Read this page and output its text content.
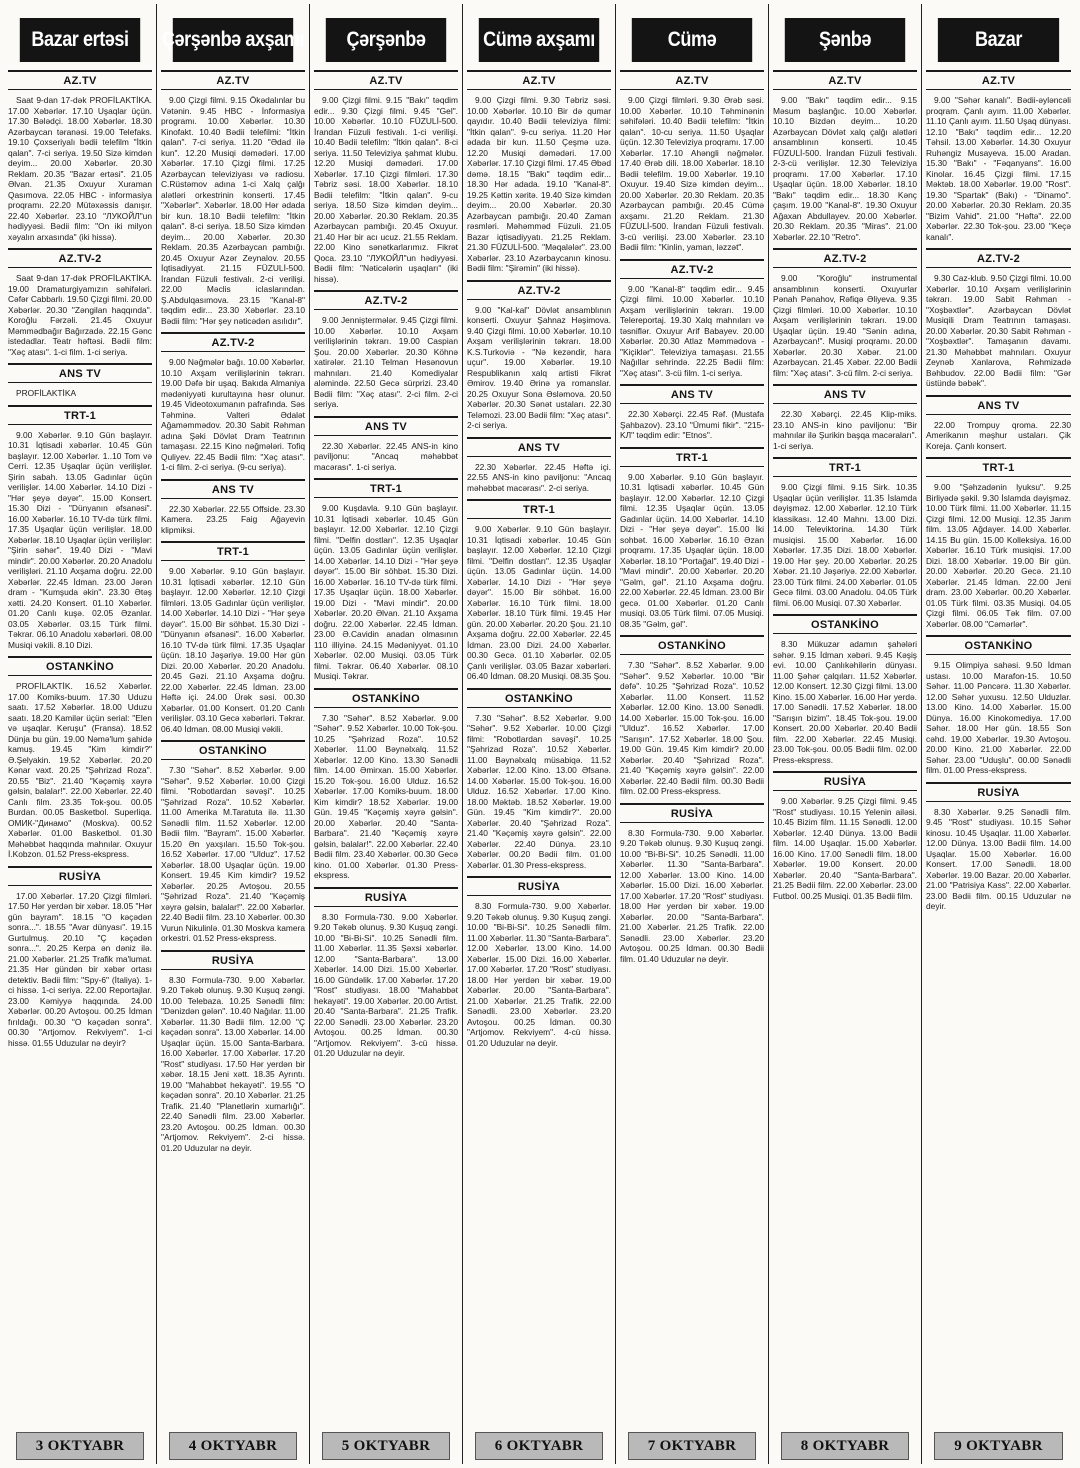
Bazar ertəsi
AZ.TV

Saat 9-dan 17-dək PROFİLAKTİKA. 17.00 Xəbərlər. 17.10 Uşaqlar üçün. 17.30 Bələdçi. 18.00 Xəbərlər. 18.30 Azərbaycan təranəsi. 19.00 Telefaks. 19.10 Çoxseriyalı bədii telefilm "İtkin qalan". 7-ci seriya. 19.50 Sizə kimdən deyim... 20.00 Xəbərlər. 20.30 Reklam. 20.35 "Bazar ertəsi". 21.05 Əlvan. 21.35 Oxuyur Xuraman Qasımova. 22.05 HBC - informasiya proqramı. 22.20 Mütəxəssis danışır. 22.40 Xəbərlər. 23.10 "ЛУКОЙЛ"un hədiyyəsi. Bədii film: "On iki milyon xəyalın arxasında" (iki hissə).

AZ.TV-2

Saat 9-dan 17-dək PROFİLAKTİKA. 19.00 Dramaturgiyamızın səhifələri. Cəfər Cabbarlı. 19.50 Çizgi filmi. 20.00 Xəbərlər. 20.30 "Zəngilan haqqında". Koroğlu Fərzəli. 21.45 Oxuyur Məmmədbağır Bağırzadə. 22.15 Gənc istedadlar. Teatr həftəsi. Bədii film: "Xəç atası". 1-ci film. 1-ci seriya.

ANS TV

PROFİLAKTİKA

TRT-1

9.00 Xəbərlər. 9.10 Gün başlayır. 10.31 İqtisadi xəbərlər. 10.45 Gün başlayır. 12.00 Xəbərlər. 1..10 Tom və Cerri. 12.35 Uşaqlar üçün verilişlər. Şirin sabah. 13.05 Gadınlar üçün verilişlər. 14.00 Xəbərlər. 14.10 Dizi - "Hər şeyə dəyər". 15.00 Konsert. 15.30 Dizi - "Dünyanın əfsanəsi". 16.00 Xəbərlər. 16.10 TV-də türk filmi. 17.35 Uşaqlar üçün verilişlər. 18.00 Xəbərlər. 18.10 Uşaqlar üçün verilişlər: "Şirin səhər". 19.40 Dizi - "Mavi mindir". 20.00 Xəbərlər. 20.20 Anadolu verilişləri. 21.10 Axşama doğru. 22.00 Xəbərlər. 22.45 İdman. 23.00 Jərən dram - "Kumşuda əkin". 23.30 Ətəş xətti. 24.20 Konsert. 01.10 Xəbərlər. 01.20 Canlı kuşə. 02.05 Əzanlar. 03.05 Xəbərlər. 03.15 Türk filmi. Təkrar. 06.10 Anadolu xəbərləri. 08.00 Musiqi vəkili. 8.10 Dizi.

OSTANKİNO

PROFİLAKTİK. 16.52 Xəbərlər. 17.00 Komiks-buum. 17.30 Uduzu saatı. 17.52 Xəbərlər. 18.00 Uduzu saatı. 18.20 Kamilər üçün serial: "Elen və uşaqlar. Keruşu" (Fransa). 18.52 Dünja bu gün. 19.00 Nəmə'lum şahidə kamuş. 19.45 "Kim kimdir?" Ə.Şelyakin. 19.52 Xəbərlər. 20.20 Kənar vaxt. 20.25 "Şəhrizad Roza". 20.55 "Biz". 21.40 "Kəçəmiş xəyrə gəlsin, balalar!". 22.00 Xəbərlər. 22.40 Canlı film. 23.35 Tok-şou. 00.05 Burdan. 00.05 Basketbol. Superliqa. ОМИК-"Динамо" (Moskva). 00.52 Xəbərlər. 01.00 Basketbol. 01.30 Məhəbbət haqqında mahnılar. Oxuyur İ.Kobzon. 01.52 Press-ekspress.

RUSİYA

17.00 Xəbərlər. 17.20 Çizgi filmləri. 17.50 Hər yerdən bir xəbər. 18.05 "Hər gün bayram". 18.15 "O kəçədən sonra...". 18.55 "Avar dünyası". 19.15 Gurtulmuş. 20.10 "Ç kəçədən sonra...". 20.25 Kerpa ən dəniz ilə. 21.00 Xəbərlər. 21.25 Trafik ma'lumat. 21.35 Hər gündən bir xəbər ortası detektiv. Bədii film: "Spy-6" (İtaliya). 1-ci hissə. 1-ci seriya. 22.00 Reportajlar. 23.00 Kəmiyyə haqqında. 24.00 Xəbərlər. 00.20 Avtoşou. 00.25 İdman fırıldağı. 00.30 "O kəçədən sonra". 00.30 "Artjomov. Rekviyem". 1-ci hissə. 01.55 Uduzular nə deyir?

3 OKTYABR
Çərşənbə axşamı
AZ.TV

9.00 Çizgi filmi. 9.15 Ökədalınlar bu Vətənin. 9.45 HBC - İnformasiya programı. 10.00 Xəbərlər. 10.30 Kinofakt. 10.40 Bədii telefilmi: "İtkin qalan". 7-ci seriya. 11.20 "Ədad ilə kun". 12.20 Musiqi dəmədəri. 17.00 Xəbərlər. 17.10 Çizgi filmi. 17.25 Azərbaycan televiziyası və radiosu. C.Rüstəmov adına 1-ci Xalq çalğı alətləri orkestrinin konserti. 17.45 "Xəbərlər". Xəbərlər. 18.00 Hər ədada bir kun. 18.10 Bədii telefilm: "İtkin qalan". 8-ci seriya. 18.50 Sizə kimdən deyim... 20.00 Xəbərlər. 20.30 Reklam. 20.35 Azərbaycan pambığı. 20.45 Oxuyur Azər Zeynalov. 20.55 İqtisadiyyat. 21.15 FÜZULİ-500. İrandan Füzuli festivalı. 2-ci verilişi. 22.00 Məclis iclaslarından. Ş.Abdulqasımova. 23.15 "Kanal-8" təqdim edir... 23.30 Xəbərlər. 23.10 Bədii film: "Hər şey nəticədən asılıdır".

AZ.TV-2

9.00 Nəğmələr bağı. 10.00 Xəbərlər. 10.10 Axşam verilişlərinin təkrarı. 19.00 Dəfə bir uşaq. Bakıda Almaniya mədəniyyəti kurultayına həsr olunur. 19.45 Videotoxumanın pafrafında. Səs Təhminə. Valteri Ədalət Ağaməmmədov. 20.30 Sabit Rəhman adına Şəki Dövlət Dram Teatrının tamaşası. 22.15 Kino nəğmələri. Tofiq Quliyev. 22.45 Bədii film: "Xəç atası". 1-ci film. 2-ci seriya. (9-cu seriya).

ANS TV

22.30 Xəbərlər. 22.55 Offside. 23.30 Kamera. 23.25 Faig Ağayevin klipmiksi.

TRT-1

9.00 Xəbərlər. 9.10 Gün başlayır. 10.31 İqtisadi xəbərlər. 12.10 Gün başlayır. 12.00 Xəbərlər. 12.10 Çizgi filmləri. 13.05 Gadınlar üçün verilişlər. 14.00 Xəbərlər. 14.10 Dizi - "Hər şeyə dəyər". 15.00 Bir söhbət. 15.30 Dizi - "Dünyanın əfsanəsi". 16.00 Xəbərlər. 16.10 TV-də türk filmi. 17.35 Uşaqlar üçün. 18.10 Jəşəriyə. 19.00 Hər gün Dizi. 20.00 Xəbərlər. 20.20 Anadolu. 20.45 Gəzi. 21.10 Axşama doğru. 22.00 Xəbərlər. 22.45 İdman. 23.00 Həftə içi. 24.00 Ürək səsi. 00.30 Xəbərlər. 01.00 Konsert. 01.20 Canlı verilişlər. 03.10 Gecə xəbərləri. Təkrar. 06.40 İdman. 08.00 Musiqi vəkili.

OSTANKİNO

7.30 "Səhər". 8.52 Xəbərlər. 9.00 "Səhər". 9.52 Xəbərlər. 10.00 Çizgi filmi. "Robotlardan səvəşi". 10.25 "Şəhrizad Roza". 10.52 Xəbərlər. 11.00 Amerika M.Taratuta ilə. 11.30 Sənədli film. 11.52 Xəbərlər. 12.00 Bədii film. "Bayram". 15.00 Xəbərlər. 15.20 Ən yaxşıları. 15.50 Tok-şou. 16.52 Xəbərlər. 17.00 "Ulduz". 17.52 Xəbərlər. 18.00 Uşaqlar üçün. 19.00 Konsert. 19.45 Kim kimdir? 19.52 Xəbərlər. 20.25 Avtoşou. 20.55 "Şəhrizad Roza". 21.40 "Kəçəmiş xəyrə gəlsin, balalar!". 22.00 Xəbərlər. 22.40 Bədii film. 23.10 Xəbərlər. 00.30 Vurun Nikulinlə. 01.30 Moskva kamera orkestri. 01.52 Press-ekspress.

RUSİYA

8.30 Formula-730. 9.00 Xəbərlər. 9.20 Təkəb olunuş. 9.30 Kuşuq zəngi. 10.00 Telebaza. 10.25 Sənədli film: "Dənizdən gələn". 10.40 Nağılar. 11.00 Xəbərlər. 11.30 Bədii film. 12.00 "Ç kəçədən sonra". 13.00 Xəbərlər. 14.00 Uşaqlar üçün. 15.00 Santa-Barbara. 16.00 Xəbərlər. 17.00 Xəbərlər. 17.20 "Rost" studiyası. 17.50 Hər yerdən bir xəbər. 18.15 Jeni xətt. 18.35 Ayrıntı. 19.00 "Mahabbət hekayəti". 19.55 "O kəçədən sonra". 20.10 Xəbərlər. 21.25 Trafik. 21.40 "Planetlərin xumarlığı". 22.40 Sənədli film. 23.00 Xəbərlər. 23.20 Avtoşou. 00.25 İdman. 00.30 "Artjomov. Rekviyem". 2-ci hissə. 01.20 Uduzular nə deyir.

4 OKTYABR
Çərşənbə
AZ.TV

9.00 Çizgi filmi. 9.15 "Bakı" təqdim edir... 9.30 Çizgi filmi. 9.45 "Gel". 10.00 Xəbərlər. 10.10 FÜZULİ-500. İrandan Füzuli festivalı. 1-ci verilişi. 10.40 Bədii telefilm: "İtkin qalan". 8-ci seriya. 11.50 Televiziya şahmat klubu. 12.20 Musiqi dəmədəri. 17.00 Xəbərlər. 17.10 Çizgi filmləri. 17.30 Təbriz səsi. 18.00 Xəbərlər. 18.10 Bədii telefilm: "İtkin qalan". 9-cu seriya. 18.50 Sizə kimdən deyim... 20.00 Xəbərlər. 20.30 Reklam. 20.35 Azərbaycan pambığı. 20.45 Oxuyur. 21.40 Hər bir acı ucuz. 21.55 Reklam. 22.00 Kino sənətkarlarımız. Fikrət Qoca. 23.10 "ЛУКОЙЛ"un hədiyyəsi. Bədii film: "Nəticələrin uşaqları" (iki hissə).

AZ.TV-2

9.00 Jenniştermələr. 9.45 Çizgi filmi. 10.00 Xəbərlər. 10.10 Axşam verilişlərinin təkrarı. 19.00 Caspian Şou. 20.00 Xəbərlər. 20.30 Köhnə xatirələr. 21.10 Telman Həsənovun mahnıları. 21.40 Komediyalar aləmində. 22.50 Gecə sürprizi. 23.40 Bədii film: "Xəç atası". 2-ci film. 2-ci seriya.

ANS TV

22.30 Xəbərlər. 22.45 ANS-in kino paviljonu: "Ancaq məhəbbət macərası". 1-ci seriya.

TRT-1

9.00 Kuşdavla. 9.10 Gün başlayır. 10.31 İqtisadi xəbərlər. 10.45 Gün başlayır. 12.00 Xəbərlər. 12.10 Çizgi filmi. "Delfin dostları". 12.35 Uşaqlar üçün. 13.05 Gadınlar üçün verilişlər. 14.00 Xəbərlər. 14.10 Dizi - "Hər şeyə dəyər". 15.00 Bir söhbət. 15.30 Dizi. 16.00 Xəbərlər. 16.10 TV-də türk filmi. 17.35 Uşaqlar üçün. 18.00 Xəbərlər. 19.00 Dizi - "Mavi mindir". 20.00 Xəbərlər. 20.20 Əlvan. 21.10 Axşama doğru. 22.00 Xəbərlər. 22.45 İdman. 23.00 Ə.Cavidin anadan olmasının 110 illiyinə. 24.15 Mədəniyyət. 01.10 Xəbərlər. 02.00 Musiqi. 03.05 Türk filmi. Təkrar. 06.40 Xəbərlər. 08.10 Musiqi. Təkrar.

OSTANKİNO

7.30 "Səhər". 8.52 Xəbərlər. 9.00 "Səhər". 9.52 Xəbərlər. 10.00 Tok-şou. 10.25 "Şəhrizad Roza". 10.52 Xəbərlər. 11.00 Bəynəlxalq. 11.52 Xəbərlər. 12.00 Kino. 13.30 Sənədli film. 14.00 Əmirxan. 15.00 Xəbərlər. 15.20 Tok-şou. 16.00 Ulduz. 16.52 Xəbərlər. 17.00 Komiks-buum. 18.00 Kim kimdir? 18.52 Xəbərlər. 19.00 Gün. 19.45 "Kəçəmiş xəyrə gəlsin". 20.00 Xəbərlər. 20.40 "Santa-Barbara". 21.40 "Kəçəmiş xəyrə gəlsin, balalar!". 22.00 Xəbərlər. 22.40 Bədii film. 23.40 Xəbərlər. 00.30 Gecə kino. 01.00 Xəbərlər. 01.30 Press-ekspress.

RUSİYA

8.30 Formula-730. 9.00 Xəbərlər. 9.20 Təkəb olunuş. 9.30 Kuşuq zəngi. 10.00 "Bi-Bi-Si". 10.25 Sənədli film. 11.00 Xəbərlər. 11.35 Şəxsi xəbərlər. 12.00 "Santa-Barbara". 13.00 Xəbərlər. 14.00 Dizi. 15.00 Xəbərlər. 16.00 Gündəlik. 17.00 Xəbərlər. 17.20 "Rost" studiyası. 18.00 "Mahabbət hekayəti". 19.00 Xəbərlər. 20.00 Artist. 20.40 "Santa-Barbara". 21.25 Trafik. 22.00 Sənədli. 23.00 Xəbərlər. 23.20 Avtoşou. 00.25 İdman. 00.30 "Artjomov. Rekviyem". 3-cü hissə. 01.20 Uduzular nə deyir.

5 OKTYABR
Cümə axşamı
AZ.TV

9.00 Çizgi filmi. 9.30 Təbriz səsi. 10.00 Xəbərlər. 10.10 Bir də qumar qayıdır. 10.40 Bədii televiziya filmi: "İtkin qalan". 9-cu seriya. 11.20 Hər ədada bir kun. 11.50 Çeşmə uzə. 12.20 Musiqi dəmədəri. 17.00 Xəbərlər. 17.10 Çizgi filmi. 17.45 Əbəd dəmə. 18.15 "Bakı" təqdim edir... 18.30 Hər adada. 19.10 "Kanal-8". 19.25 Kəttin xəritə. 19.40 Sizə kimdən deyim... 20.00 Xəbərlər. 20.30 Azərbaycan pambığı. 20.40 Zaman rəsmləri. Məhəmməd Füzuli. 21.05 Bazar iqtisadiyyatı. 21.25 Reklam. 21.30 FÜZULİ-500. "Məqalələr". 23.00 Xəbərlər. 23.10 Azərbaycanın kinosu. Bədii film: "Şirəmin" (iki hissə).

AZ.TV-2

9.00 "Kal-kal" Dövlət ansamblının konserti. Oxuyur Şahnaz Həşimova. 9.40 Çizgi filmi. 10.00 Xəbərlər. 10.10 Axşam verilişlərinin təkrarı. 18.00 K.S.Turkoviə - "Nə kezəndir, hara uçur". 19.00 Xəbərlər. 19.10 Respublikanın xalq artisti Fikrət Əmirov. 19.40 Ərinə ya romanslar. 20.25 Oxuyur Sona Əsləmova. 20.50 Xəbərlər. 20.30 Sənət ustaları. 22.30 Teləmozi. 23.00 Bədii film: "Xəç atası". 2-ci seriya.

ANS TV

22.30 Xəbərlər. 22.45 Həftə içi. 22.55 ANS-in kino paviljonu: "Ancaq məhəbbət macərası". 2-ci seriya.

TRT-1

9.00 Xəbərlər. 9.10 Gün başlayır. 10.31 İqtisadi xəbərlər. 10.45 Gün başlayır. 12.00 Xəbərlər. 12.10 Çizgi filmi. "Delfin dostları". 12.35 Uşaqlar üçün. 13.05 Gadınlar üçün. 14.00 Xəbərlər. 14.10 Dizi - "Hər şeyə dəyər". 15.00 Bir söhbət. 16.00 Xəbərlər. 16.10 Türk filmi. 18.00 Xəbərlər. 18.10 Türk filmi. 19.45 Hər gün. 20.00 Xəbərlər. 20.20 Şou. 21.10 Axşama doğru. 22.00 Xəbərlər. 22.45 İdman. 23.00 Dizi. 24.00 Xəbərlər. 00.30 Gecə. 01.10 Xəbərlər. 02.05 Çanlı verilişlər. 03.05 Bazar xəbərləri. 06.40 İdman. 08.20 Musiqi. 08.35 Şou.

OSTANKİNO

7.30 "Səhər". 8.52 Xəbərlər. 9.00 "Səhər". 9.52 Xəbərlər. 10.00 Çizgi filmi: "Robotlardan səvəşi". 10.25 "Şəhrizad Roza". 10.52 Xəbərlər. 11.00 Bəynəlxalq müsabiqə. 11.52 Xəbərlər. 12.00 Kino. 13.00 Əfsanə. 14.00 Xəbərlər. 15.00 Tok-şou. 16.00 Ulduz. 16.52 Xəbərlər. 17.00 Kino. 18.00 Məktəb. 18.52 Xəbərlər. 19.00 Gün. 19.45 "Kim kimdir?". 20.00 Xəbərlər. 20.40 "Şəhrizad Roza". 21.40 "Kəçəmiş xəyrə gəlsin". 22.00 Xəbərlər. 22.40 Dünya. 23.10 Xəbərlər. 00.20 Bədii film. 01.00 Xəbərlər. 01.30 Press-ekspress.

RUSİYA

8.30 Formula-730. 9.00 Xəbərlər. 9.20 Təkəb olunuş. 9.30 Kuşuq zəngi. 10.00 "Bi-Bi-Si". 10.25 Sənədli film. 11.00 Xəbərlər. 11.30 "Santa-Barbara". 12.00 Xəbərlər. 13.00 Kino. 14.00 Xəbərlər. 15.00 Dizi. 16.00 Xəbərlər. 17.00 Xəbərlər. 17.20 "Rost" studiyası. 18.00 Hər yerdən bir xəbər. 19.00 Xəbərlər. 20.00 "Santa-Barbara". 21.00 Xəbərlər. 21.25 Trafik. 22.00 Sənədli. 23.00 Xəbərlər. 23.20 Avtoşou. 00.25 İdman. 00.30 "Artjomov. Rekviyem". 4-cü hissə. 01.20 Uduzular nə deyir.

6 OKTYABR
Cümə
AZ.TV

9.00 Çizgi filmləri. 9.30 Ərəb səsi. 10.00 Xəbərlər. 10.10 Təhminənin səhifələri. 10.40 Bədii telefilm: "İtkin qalan". 10-cu seriya. 11.50 Uşaqlar üçün. 12.30 Televiziya proqramı. 17.00 Xəbərlər. 17.10 Ahəngli nəğmələr. 17.40 Ərəb dili. 18.00 Xəbərlər. 18.10 Bədii telefilm. 19.00 Xəbərlər. 19.10 Oxuyur. 19.40 Sizə kimdən deyim... 20.00 Xəbərlər. 20.30 Reklam. 20.35 Azərbaycan pambığı. 20.45 Cümə axşamı. 21.20 Reklam. 21.30 FÜZULİ-500. İrandan Füzuli festivalı. 3-cü verilişi. 23.00 Xəbərlər. 23.10 Bədii film: "Kinlin, yaman, ləzzət".

AZ.TV-2

9.00 "Kanal-8" təqdim edir... 9.45 Çizgi filmi. 10.00 Xəbərlər. 10.10 Axşam verilişlərinin təkrarı. 19.00 Telereportaj. 19.30 Xalq mahnıları və təsniflər. Oxuyur Arif Babayev. 20.00 Xəbərlər. 20.30 Atlaz Məmmədova - "Kiçiklər". Televiziya tamaşası. 21.55 Nağıllar sehrində. 22.25 Bədii film: "Xəç atası". 3-cü film. 1-ci seriya.

ANS TV

22.30 Xəbərçi. 22.45 Rəf. (Mustafa Şahbazov). 23.10 "Ümumi fikir". "215-KЛ" təqdim edir: "Etnos".

TRT-1

9.00 Xəbərlər. 9.10 Gün başlayır. 10.31 İqtisadi xəbərlər. 10.45 Gün başlayır. 12.00 Xəbərlər. 12.10 Çizgi filmi. 12.35 Uşaqlar üçün. 13.05 Gadınlar üçün. 14.00 Xəbərlər. 14.10 Dizi - "Hər şeyə dəyər". 15.00 İki sohbət. 16.00 Xəbərlər. 16.10 Əzan proqramı. 17.35 Uşaqlar üçün. 18.00 Xəbərlər. 18.10 "Portağal". 19.40 Dizi - "Mavi mindir". 20.00 Xəbərlər. 20.20 "Gəlm, gəl". 21.10 Axşama doğru. 22.00 Xəbərlər. 22.45 İdman. 23.00 Bir gecə. 01.00 Xəbərlər. 01.20 Canlı musiqi. 03.05 Türk filmi. 07.05 Musiqi. 08.35 "Gəlm, gəl".

OSTANKİNO

7.30 "Səhər". 8.52 Xəbərlər. 9.00 "Səhər". 9.52 Xəbərlər. 10.00 "Bir dəfə". 10.25 "Şəhrizad Roza". 10.52 Xəbərlər. 11.00 Konsert. 11.52 Xəbərlər. 12.00 Kino. 13.00 Sənədli. 14.00 Xəbərlər. 15.00 Tok-şou. 16.00 "Ulduz". 16.52 Xəbərlər. 17.00 "Sarışın". 17.52 Xəbərlər. 18.00 Şou. 19.00 Gün. 19.45 Kim kimdir? 20.00 Xəbərlər. 20.40 "Şəhrizad Roza". 21.40 "Kəçəmiş xəyrə gəlsin". 22.00 Xəbərlər. 22.40 Bədii film. 00.30 Bədii film. 02.00 Press-ekspress.

RUSİYA

8.30 Formula-730. 9.00 Xəbərlər. 9.20 Təkəb olunuş. 9.30 Kuşuq zəngi. 10.00 "Bi-Bi-Si". 10.25 Sənədli. 11.00 Xəbərlər. 11.30 "Santa-Barbara". 12.00 Xəbərlər. 13.00 Kino. 14.00 Xəbərlər. 15.00 Dizi. 16.00 Xəbərlər. 17.00 Xəbərlər. 17.20 "Rost" studiyası. 18.00 Hər yerdən bir xəbər. 19.00 Xəbərlər. 20.00 "Santa-Barbara". 21.00 Xəbərlər. 21.25 Trafik. 22.00 Sənədli. 23.00 Xəbərlər. 23.20 Avtoşou. 00.25 İdman. 00.30 Bədii film. 01.40 Uduzular nə deyir.

7 OKTYABR
Şənbə
AZ.TV

9.00 "Bakı" təqdim edir... 9.15 Məsum başlanğıc. 10.00 Xəbərlər. 10.10 Bizdən deyim... 10.20 Azərbaycan Dövlət xalq çalğı alətləri ansamblının konserti. 10.45 FÜZULİ-500. İrandan Füzuli festivalı. 2-3-cü verilişlər. 12.30 Televiziya proqramı. 17.00 Xəbərlər. 17.10 Uşaqlar üçün. 18.00 Xəbərlər. 18.10 "Bakı" təqdim edir... 18.30 Kənç çaşım. 19.00 "Kanal-8". 19.30 Oxuyur Ağaxan Abdullayev. 20.00 Xəbərlər. 20.30 Reklam. 20.35 "Miras". 21.00 Xəbərlər. 22.10 "Retro".

AZ.TV-2

9.00 "Koroğlu" instrumental ansamblının konserti. Oxuyurlar Pənah Pənahov, Rəfiqə Əliyeva. 9.35 Çizgi filmləri. 10.00 Xəbərlər. 10.10 Axşam verilişlərinin təkrarı. 19.00 Uşaqlar üçün. 19.40 "Sənin adına, Azərbaycan!". Musiqi proqramı. 20.00 Xəbərlər. 20.30 Xəbər. 21.00 Azərbaycan. 21.45 Xəbər. 22.00 Bədii film: "Xəç atası". 3-cü film. 2-ci seriya.

ANS TV

22.30 Xəbərçi. 22.45 Klip-miks. 23.10 ANS-in kino paviljonu: "Bir mahnılar ilə Şurikin başqa macəraları". 1-ci seriya.

TRT-1

9.00 Çizgi filmi. 9.15 Sirk. 10.35 Uşaqlar üçün verilişlər. 11.35 İslamda dəyişməz. 12.00 Xəbərlər. 12.10 Türk klassikası. 12.40 Mahnı. 13.00 Dizi. 14.00 Televiktorina. 14.30 Türk musiqisi. 15.00 Xəbərlər. 16.00 Xəbərlər. 17.35 Dizi. 18.00 Xəbərlər. 19.00 Hər şey. 20.00 Xəbərlər. 20.25 Xəbər. 21.10 Jəşəriyə. 22.00 Xəbərlər. 23.00 Türk filmi. 24.00 Xəbərlər. 01.05 Gecə filmi. 03.00 Anadolu. 04.05 Türk filmi. 06.00 Musiqi. 07.30 Xəbərlər.

OSTANKİNO

8.30 Mükuzar adamın şahələri səhər. 9.15 İdman xəbəri. 9.45 Kəşiş evi. 10.00 Çanlıkəhilərin dünyası. 11.00 Şəhər çalqıları. 11.52 Xəbərlər. 12.00 Konsert. 12.30 Çizgi filmi. 13.00 Kino. 15.00 Xəbərlər. 16.00 Hər yerdə. 17.00 Sənədli. 17.52 Xəbərlər. 18.00 "Sarışın bizim". 18.45 Tok-şou. 19.00 Konsert. 20.00 Xəbərlər. 20.40 Bədii film. 22.00 Xəbərlər. 22.45 Musiqi. 23.00 Tok-şou. 00.05 Bədii film. 02.00 Press-ekspress.

RUSİYA

9.00 Xəbərlər. 9.25 Çizgi filmi. 9.45 "Rost" studiyası. 10.15 Yelenin ailəsi. 10.45 Bizim film. 11.15 Sənədli. 12.00 Xəbərlər. 12.40 Dünya. 13.00 Bədii film. 14.00 Uşaqlar. 15.00 Xəbərlər. 16.00 Kino. 17.00 Sənədli film. 18.00 Xəbərlər. 19.00 Konsert. 20.00 Xəbərlər. 20.40 "Santa-Barbara". 21.25 Bədii film. 22.00 Xəbərlər. 23.00 Futbol. 00.25 Musiqi. 01.35 Bədii film.

8 OKTYABR
Bazar
AZ.TV

9.00 "Səhər kanalı". Bədii-əyləncəli proqram. Çanlı ayım. 11.00 Xəbərlər. 11.10 Çanlı ayım. 11.50 Uşaq dünyası. 12.10 "Bakı" təqdim edir... 12.20 Təhsil. 13.00 Xəbərlər. 14.30 Oxuyur Ruhəngiz Musayeva. 15.00 Aradan. 15.30 "Bakı" - "Fəqanyans". 16.00 Kinolar. 16.45 Çizgi filmi. 17.15 Məktəb. 18.00 Xəbərlər. 19.00 "Rost". 19.30 "Spartak" (Bakı) - "Dinamo". 20.00 Xəbərlər. 20.30 Reklam. 20.35 "Bizim Vahid". 21.00 "Həftə". 22.00 Xəbərlər. 22.30 Tok-şou. 23.00 "Keçə kanalı".

AZ.TV-2

9.30 Caz-klub. 9.50 Çizgi filmi. 10.00 Xəbərlər. 10.10 Axşam verilişlərinin təkrarı. 19.00 Sabit Rəhman - "Xoşbəxtlər". Azərbaycan Dövlət Musiqili Dram Teatrının tamaşası. 20.00 Xəbərlər. 20.30 Sabit Rəhman - "Xoşbəxtlər". Tamaşanın davamı. 21.30 Məhəbbət mahnıları. Oxuyur Zeynəb Xanlarova, Rəhmizadə Bəhbudov. 22.00 Bədii film: "Gər üstündə bəbək".

ANS TV

22.00 Trompuy qroma. 22.30 Amerikanın məşhur ustaları. Çik Koreja. Çanlı konsert.

TRT-1

9.00 "Şəhzadənin lyuksu". 9.25 Birliyədə şəkil. 9.30 İslamda dəyişməz. 10.00 Türk filmi. 11.00 Xəbərlər. 11.15 Çizgi filmi. 12.00 Musiqi. 12.35 Jarım film. 13.05 Ağdayer. 14.00 Xəbərlər. 14.15 Bu gün. 15.00 Kolleksiya. 16.00 Xəbərlər. 16.10 Türk musiqisi. 17.00 Dizi. 18.00 Xəbərlər. 19.00 Bir gün. 20.00 Xəbərlər. 20.20 Gecə. 21.10 Xəbərlər. 21.45 İdman. 22.00 Jeni dram. 23.00 Xəbərlər. 00.20 Xəbərlər. 01.05 Türk filmi. 03.35 Musiqi. 04.05 Çizgi filmi. 06.05 Tək film. 07.00 Xəbərlər. 08.00 "Cəmərlər".

OSTANKİNO

9.15 Olimpiya sahəsi. 9.50 İdman ustası. 10.00 Marafon-15. 10.50 Səhər. 11.00 Pəncərə. 11.30 Xəbərlər. 12.00 Səhər yuxusu. 12.50 Ulduzlar. 13.00 Kino. 14.00 Xəbərlər. 15.00 Dünya. 16.00 Kinokomediya. 17.00 Səhər. 18.00 Hər gün. 18.55 Son cəhd. 19.00 Xəbərlər. 19.30 Avtoşou. 20.00 Kino. 21.00 Xəbərlər. 22.00 Səhər. 23.00 "Uduşlu". 00.00 Sənədli film. 01.00 Press-ekspress.

RUSİYA

8.30 Xəbərlər. 9.25 Sənədli film. 9.45 "Rost" studiyası. 10.15 Səhər kinosu. 10.45 Uşaqlar. 11.00 Xəbərlər. 12.00 Dünya. 13.00 Bədii film. 14.00 Uşaqlar. 15.00 Xəbərlər. 16.00 Konsert. 17.00 Sənədli. 18.00 Xəbərlər. 19.00 Bazar. 20.00 Xəbərlər. 21.00 "Patrisiya Kass". 22.00 Xəbərlər. 23.00 Bədii film. 00.15 Uduzular nə deyir.

9 OKTYABR
